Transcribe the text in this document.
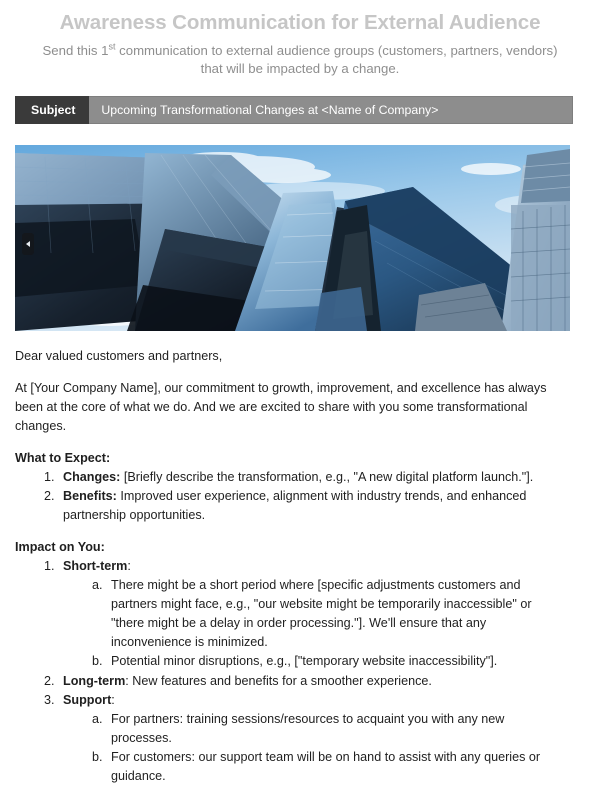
Awareness Communication for External Audience
Send this 1st communication to external audience groups (customers, partners, vendors) that will be impacted by a change.
Subject	Upcoming Transformational Changes at <Name of Company>

Dear valued customers and partners,

At [Your Company Name], our commitment to growth, improvement, and excellence has always been at the core of what we do. And we are excited to share with you some transformational changes.

What to Expect:

1. Changes: [Briefly describe the transformation, e.g., "A new digital platform launch."].
2. Benefits: Improved user experience, alignment with industry trends, and enhanced partnership opportunities.

Impact on You:

1. Short-term:
a. There might be a short period where [specific adjustments customers and partners might face, e.g., "our website might be temporarily inaccessible" or "there might be a delay in order processing."]. We'll ensure that any inconvenience is minimized.
b. Potential minor disruptions, e.g., ["temporary website inaccessibility"].
2. Long-term: New features and benefits for a smoother experience.
3. Support:
a. For partners: training sessions/resources to acquaint you with any new processes.
b. For customers: our support team will be on hand to assist with any queries or guidance.
